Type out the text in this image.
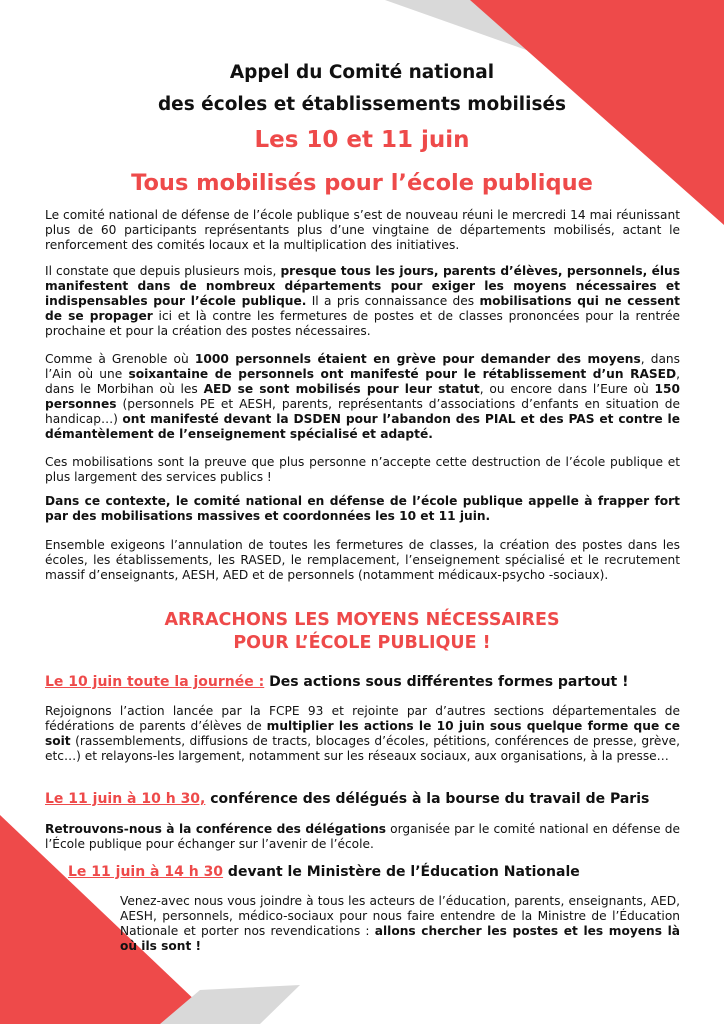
Appel du Comité national
des écoles et établissements mobilisés
Les 10 et 11 juin
Tous mobilisés pour l’école publique

Le comité national de défense de l’école publique s’est de nouveau réuni le mercredi 14 mai réunissant plus de 60 participants représentants plus d’une vingtaine de départements mobilisés, actant le renforcement des comités locaux et la multiplication des initiatives.

Il constate que depuis plusieurs mois, presque tous les jours, parents d’élèves, personnels, élus manifestent dans de nombreux départements pour exiger les moyens nécessaires et indispensables pour l’école publique. Il a pris connaissance des mobilisations qui ne cessent de se propager ici et là contre les fermetures de postes et de classes prononcées pour la rentrée prochaine et pour la création des postes nécessaires.

Comme à Grenoble où 1000 personnels étaient en grève pour demander des moyens, dans l’Ain où une soixantaine de personnels ont manifesté pour le rétablissement d’un RASED, dans le Morbihan où les AED se sont mobilisés pour leur statut, ou encore dans l’Eure où 150 personnes (personnels PE et AESH, parents, représentants d’associations d’enfants en situation de handicap…) ont manifesté devant la DSDEN pour l’abandon des PIAL et des PAS et contre le démantèlement de l’enseignement spécialisé et adapté.

Ces mobilisations sont la preuve que plus personne n’accepte cette destruction de l’école publique et plus largement des services publics !

Dans ce contexte, le comité national en défense de l’école publique appelle à frapper fort par des mobilisations massives et coordonnées les 10 et 11 juin.

Ensemble exigeons l’annulation de toutes les fermetures de classes, la création des postes dans les écoles, les établissements, les RASED, le remplacement, l’enseignement spécialisé et le recrutement massif d’enseignants, AESH, AED et de personnels (notamment médicaux-psycho -sociaux).

ARRACHONS LES MOYENS NÉCESSAIRES
POUR L’ÉCOLE PUBLIQUE !
Le 10 juin toute la journée : Des actions sous différentes formes partout !

Rejoignons l’action lancée par la FCPE 93 et rejointe par d’autres sections départementales de fédérations de parents d’élèves de multiplier les actions le 10 juin sous quelque forme que ce soit (rassemblements, diffusions de tracts, blocages d’écoles, pétitions, conférences de presse, grève, etc…) et relayons-les largement, notamment sur les réseaux sociaux, aux organisations, à la presse…

Le 11 juin à 10 h 30, conférence des délégués à la bourse du travail de Paris

Retrouvons-nous à la conférence des délégations organisée par le comité national en défense de l’École publique pour échanger sur l’avenir de l’école.

Le 11 juin à 14 h 30 devant le Ministère de l’Éducation Nationale

Venez-avec nous vous joindre à tous les acteurs de l’éducation, parents, enseignants, AED, AESH, personnels, médico-sociaux pour nous faire entendre de la Ministre de l’Éducation Nationale et porter nos revendications : allons chercher les postes et les moyens là où ils sont !
